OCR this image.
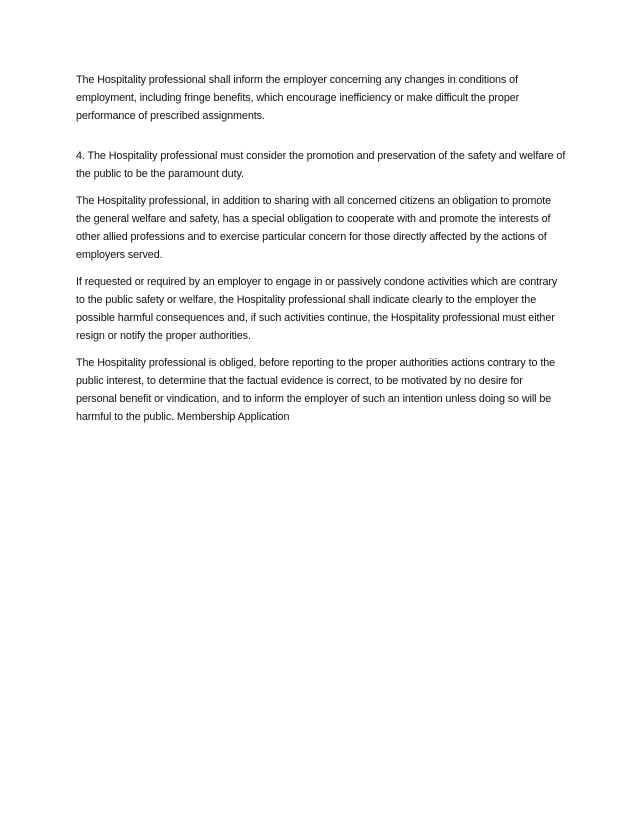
The Hospitality professional shall inform the employer concerning any changes in conditions of employment, including fringe benefits, which encourage inefficiency or make difficult the proper performance of prescribed assignments.

4. The Hospitality professional must consider the promotion and preservation of the safety and welfare of the public to be the paramount duty.

The Hospitality professional, in addition to sharing with all concerned citizens an obligation to promote the general welfare and safety, has a special obligation to cooperate with and promote the interests of other allied professions and to exercise particular concern for those directly affected by the actions of employers served.

If requested or required by an employer to engage in or passively condone activities which are contrary to the public safety or welfare, the Hospitality professional shall indicate clearly to the employer the possible harmful consequences and, if such activities continue, the Hospitality professional must either resign or notify the proper authorities.

The Hospitality professional is obliged, before reporting to the proper authorities actions contrary to the public interest, to determine that the factual evidence is correct, to be motivated by no desire for personal benefit or vindication, and to inform the employer of such an intention unless doing so will be harmful to the public. Membership Application
